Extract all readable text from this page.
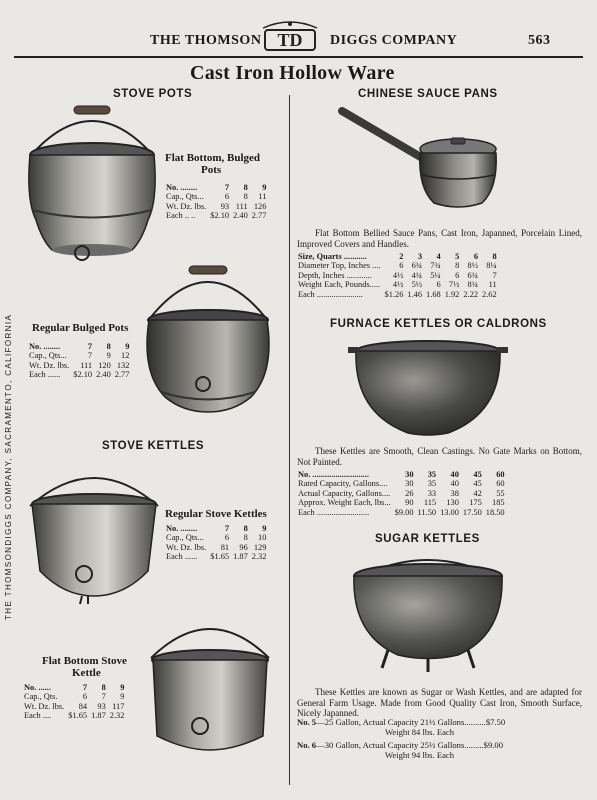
THE THOMSON TD DIGGS COMPANY	563
Cast Iron Hollow Ware
THE THOMSONDIGGS COMPANY, SACRAMENTO, CALIFORNIA
STOVE POTS
Flat Bottom, Bulged
Pots
No. ........	7	8	9
Cap., Qts...	6	8	11
Wt. Dz. lbs.	93	111	126
Each .. ..	$2.10	2.40	2.77
Regular Bulged Pots
No. ........	7	8	9
Cap., Qts...	7	9	12
Wt. Dz. lbs.	111	120	132
Each ......	$2.10	2.40	2.77
STOVE KETTLES
Regular Stove Kettles
No. ........	7	8	9
Cap., Qts...	6	8	10
Wt. Dz. lbs.	81	96	129
Each ......	$1.65	1.87	2.32
Flat Bottom Stove
Kettle
No. ......	7	8	9
Cap., Qts.	6	7	9
Wt. Dz. lbs.	84	93	117
Each ....	$1.65	1.87	2.32
CHINESE SAUCE PANS
Flat Bottom Bellied Sauce Pans, Cast Iron, Japanned, Porcelain Lined, Improved Covers and Handles.
Size, Quarts ...........	2	3	4	5	6	8
Diameter Top, Inches ....	6	6¾	7¾	8	8½	8¼
Depth, Inches ............	4½	4¾	5¼	6	6¾	7
Weight Each, Pounds.....	4½	5½	6	7½	8¾	11
Each ......................	$1.26	1.46	1.68	1.92	2.22	2.62
FURNACE KETTLES OR CALDRONS
These Kettles are Smooth, Clean Castings. No Gate Marks on Bottom, Not Painted.
No. ...........................	30	35	40	45	60
Rated Capacity, Gallons....	30	35	40	45	60
Actual Capacity, Gallons....	26	33	38	42	55
Approx. Weight Each, lbs...	90	115	130	175	185
Each .........................	$9.00	11.50	13.00	17.50	18.50
SUGAR KETTLES
These Kettles are known as Sugar or Wash Kettles, and are adapted for General Farm Usage. Made from Good Quality Cast Iron, Smooth Surface, Nicely Japanned.
No. 5—25 Gallon, Actual Capacity 21½ Gallons..........$7.50
Weight 84 lbs. Each
No. 6—30 Gallon, Actual Capacity 25½ Gallons.........$9.00
Weight 94 lbs. Each
